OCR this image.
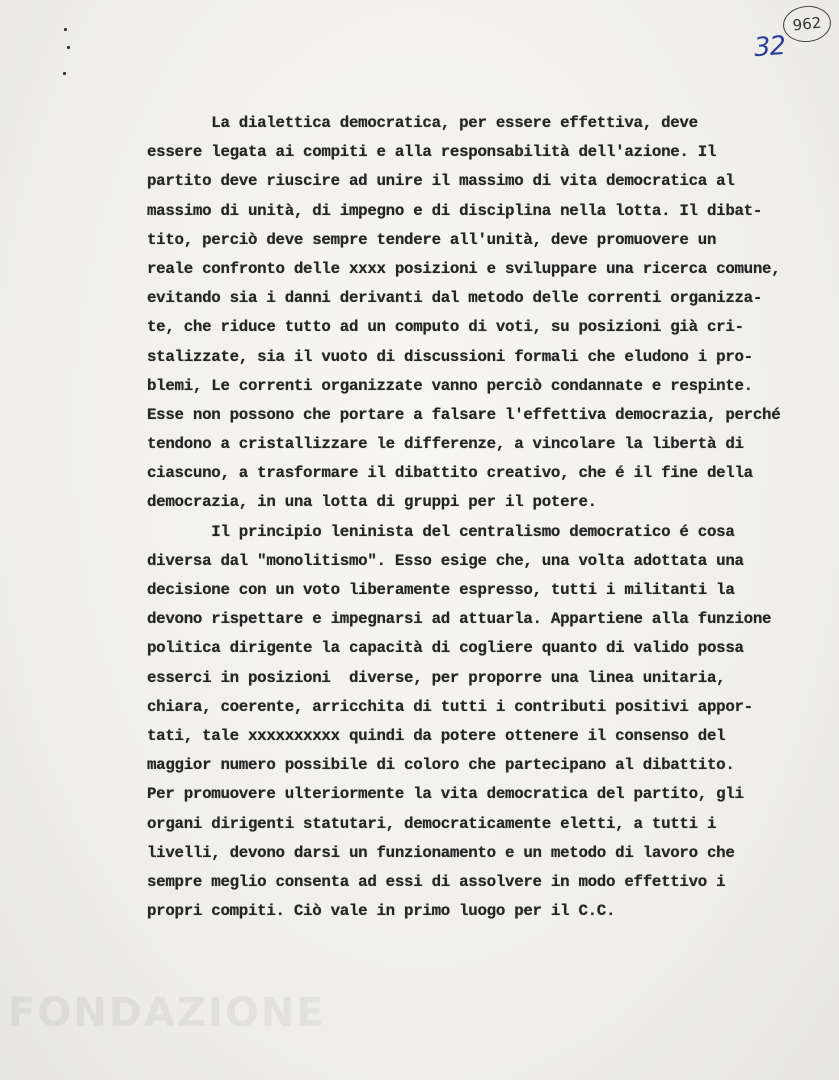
962
32
La dialettica democratica, per essere effettiva, deve
essere legata ai compiti e alla responsabilità dell'azione. Il
partito deve riuscire ad unire il massimo di vita democratica al
massimo di unità, di impegno e di disciplina nella lotta. Il dibat-
tito, perciò deve sempre tendere all'unità, deve promuovere un
reale confronto delle xxxx posizioni e sviluppare una ricerca comune,
evitando sia i danni derivanti dal metodo delle correnti organizza-
te, che riduce tutto ad un computo di voti, su posizioni già cri-
stalizzate, sia il vuoto di discussioni formali che eludono i pro-
blemi, Le correnti organizzate vanno perciò condannate e respinte.
Esse non possono che portare a falsare l'effettiva democrazia, perché
tendono a cristallizzare le differenze, a vincolare la libertà di
ciascuno, a trasformare il dibattito creativo, che é il fine della
democrazia, in una lotta di gruppi per il potere.
Il principio leninista del centralismo democratico é cosa
diversa dal "monolitismo". Esso esige che, una volta adottata una
decisione con un voto liberamente espresso, tutti i militanti la
devono rispettare e impegnarsi ad attuarla. Appartiene alla funzione
politica dirigente la capacità di cogliere quanto di valido possa
esserci in posizioni  diverse, per proporre una linea unitaria,
chiara, coerente, arricchita di tutti i contributi positivi appor-
tati, tale xxxxxxxxxx quindi da potere ottenere il consenso del
maggior numero possibile di coloro che partecipano al dibattito.
Per promuovere ulteriormente la vita democratica del partito, gli
organi dirigenti statutari, democraticamente eletti, a tutti i
livelli, devono darsi un funzionamento e un metodo di lavoro che
sempre meglio consenta ad essi di assolvere in modo effettivo i
propri compiti. Ciò vale in primo luogo per il C.C.
FONDAZIONE
